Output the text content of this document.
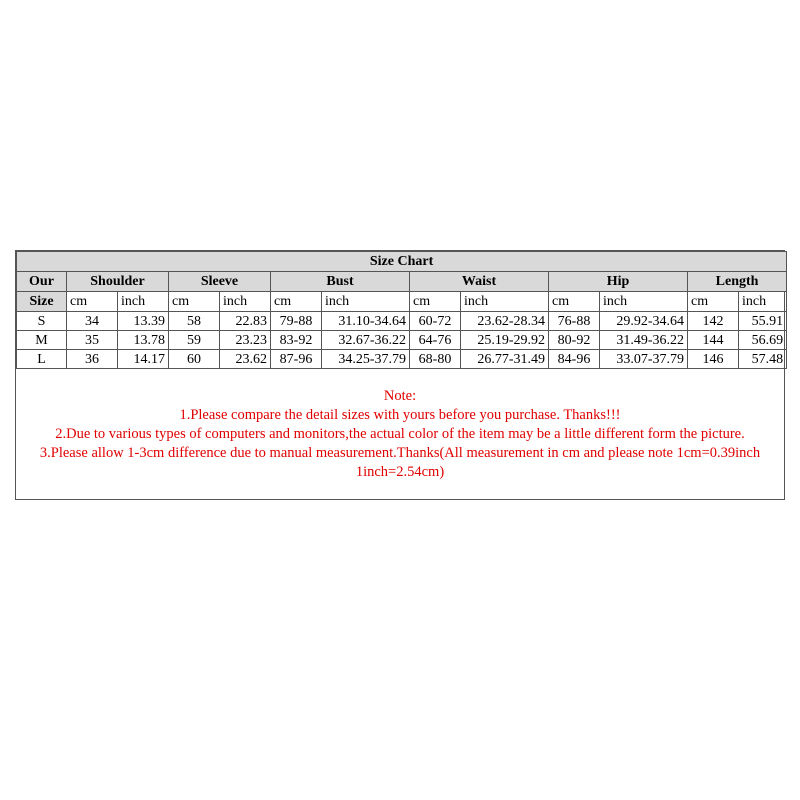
Size Chart												
Our	Shoulder		Sleeve		Bust		Waist		Hip		Length	
Size	cm	inch	cm	inch	cm	inch	cm	inch	cm	inch	cm	inch
S	34	13.39	58	22.83	79-88	31.10-34.64	60-72	23.62-28.34	76-88	29.92-34.64	142	55.91
M	35	13.78	59	23.23	83-92	32.67-36.22	64-76	25.19-29.92	80-92	31.49-36.22	144	56.69
L	36	14.17	60	23.62	87-96	34.25-37.79	68-80	26.77-31.49	84-96	33.07-37.79	146	57.48
Note:
1.Please compare the detail sizes with yours before you purchase. Thanks!!!
2.Due to various types of computers and monitors,the actual color of the item may be a little different form the picture.
3.Please allow 1-3cm difference due to manual measurement.Thanks(All measurement in cm and please note 1cm=0.39inch
1inch=2.54cm)
